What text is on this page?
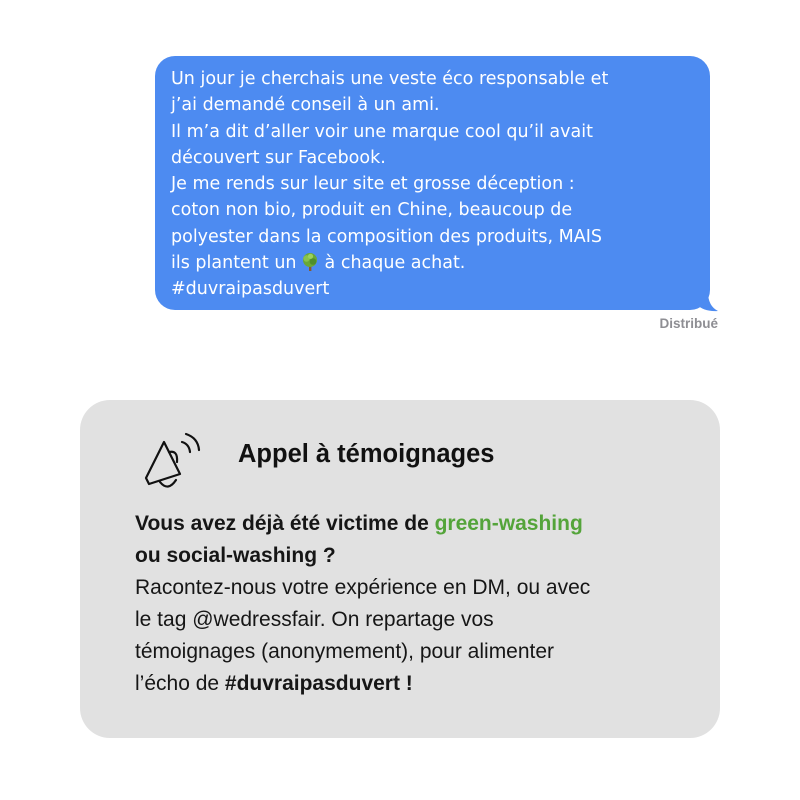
Un jour je cherchais une veste éco responsable et
j’ai demandé conseil à un ami.
Il m’a dit d’aller voir une marque cool qu’il avait
découvert sur Facebook.
Je me rends sur leur site et grosse déception :
coton non bio, produit en Chine, beaucoup de
polyester dans la composition des produits, MAIS
ils plantent un à chaque achat.
#duvraipasduvert
Distribué
Appel à témoignages
Vous avez déjà été victime de green-washing
ou social-washing ?
Racontez-nous votre expérience en DM, ou avec
le tag @wedressfair. On repartage vos
témoignages (anonymement), pour alimenter
l’écho de #duvraipasduvert !
